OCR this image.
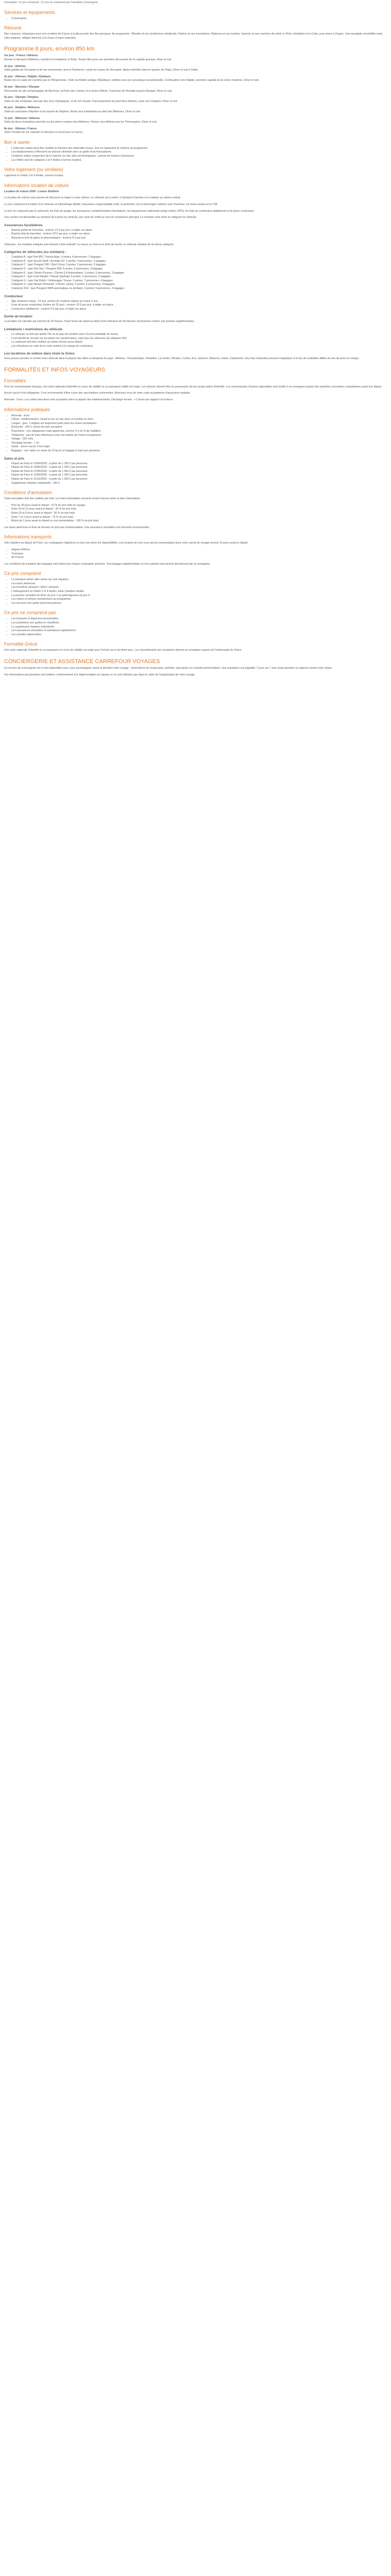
Description: Ce prix comprend : Ce prix ne comprend pas Formalités Conciergerie
Services et équipements
• Conciergerie
Résumé

Dès Limassol, embarquez pour une croisière de 8 jours à la découverte des îles grecques. Au programme : Rhodes et son architecture médiévale, Patmos et ses monastères, Mykonos et ses moulins, Santorin et ses couchers de soleil, le Pirée, Héraklion et la Crète, puis retour à Chypre. Une escapade ensoleillée entre cités antiques, villages blanchis à la chaux et eaux turquoise.

Programme 8 jours, environ 850 km

1er jour : France / Athènes
Arrivée à l'aéroport d'Athènes, transfert et installation à l'hôtel. Temps libre pour une première découverte de la capitale grecque, dîner et nuit.

2e jour : Athènes
Visite guidée de l'Acropole et de ses monuments, dont le Parthénon, suivie du musée de l'Acropole. Après-midi libre dans le quartier de Plaka. Dîner et nuit à l'hôtel.

3e jour : Athènes / Nafplio / Épidaure
Route vers le canal de Corinthe puis le Péloponnèse. Visite du théâtre antique d'Épidaure, célèbre pour son acoustique exceptionnelle. Continuation vers Nafplio, première capitale de la Grèce moderne. Dîner et nuit.

4e jour : Mycènes / Olympie
Découverte du site archéologique de Mycènes, la Porte des Lionnes et le trésor d'Atrée. Traversée de l'Arcadie jusqu'à Olympie. Dîner et nuit.

5e jour : Olympie / Delphes
Visite du site d'Olympie, berceau des Jeux Olympiques, et de son musée. Franchissement du pont Rion-Antirion, route vers Delphes. Dîner et nuit.

6e jour : Delphes / Météores
Visite du sanctuaire d'Apollon et du musée de Delphes. Route vers Kalambaka au pied des Météores. Dîner et nuit.

7e jour : Météores / Athènes
Visite de deux monastères perchés sur les pitons rocheux des Météores. Retour vers Athènes par les Thermopyles. Dîner et nuit.

8e jour : Athènes / France
Selon l'horaire de vol, transfert à l'aéroport et envol pour la France.

Bon à savoir
• L'ordre des visites peut être modifié en fonction des impératifs locaux, tout en respectant le contenu du programme.
• Les déplacements s'effectuent en autocar climatisé avec un guide local francophone.
• Certaines visites comportent de la marche sur des sites archéologiques : prévoir de bonnes chaussures.
• Les hôtels sont de catégorie 3 et 4 étoiles (normes locales).
Votre logement (ou similaire)

Logement en hôtels 3 et 4 étoiles, normes locales.

Informations location de voiture

Location de voiture 2026 - Loueur Sixt/Avis

La location de voiture vous permet de découvrir la région à votre rythme. Le véhicule est à retirer à l'aéroport d'arrivée et à restituer au même endroit.

Le prix comprend la location d'un véhicule en kilométrage illimité, l'assurance responsabilité civile, la protection vol et dommages collision avec franchise, les taxes locales et la TVA.

Le prix ne comprend pas le carburant, les frais de péage, les assurances complémentaires facultatives, les équipements optionnels (siège enfant, GPS), les frais de conducteur additionnel et de jeune conducteur.

Une caution est demandée au moment de la prise du véhicule, par carte de crédit au nom du conducteur principal. Le montant varie selon la catégorie du véhicule.

Assurances facultatives
• Rachat partiel de franchise : environ 12 € par jour, à régler sur place.
• Rachat total de franchise : environ 20 € par jour, à régler sur place.
• Assurance bris de glace et pneumatiques : environ 8 € par jour.

Véhicules : les modèles indiqués sont donnés à titre indicatif. Le loueur se réserve le droit de fournir un véhicule similaire de la même catégorie.

Catégories de véhicules (ou similaire) :
• Catégorie A : type Fiat 500 / Toyota Aygo, 4 portes, 4 personnes, 2 bagages
• Catégorie B : type Suzuki Swift / Hyundai i10, 5 portes, 4 personnes, 2 bagages
• Catégorie C : type Peugeot 208 / Opel Corsa, 5 portes, 5 personnes, 2 bagages
• Catégorie D : type Fiat Tipo / Peugeot 308, 5 portes, 5 personnes, 3 bagages
• Catégorie E : type Citroën Picasso / Citroën C4 Automatique, 5 portes, 5 personnes, 3 bagages
• Catégorie F : type Ford Ranger / Nissan Qashqai, 5 portes, 5 personnes, 3 bagages
• Catégorie G : type Fiat Doblo / Volkswagen Touran, 5 portes, 7 personnes, 4 bagages
• Catégorie H : type Nissan Primastar / Citroën Jumpy, 5 portes, 9 personnes, 4 bagages
• Catégorie 4X4 : type Peugeot 3008 automatique ou similaire, 5 portes, 5 personnes, 3 bagages
Conducteur
• Âge minimum requis : 23 ans, permis de conduire depuis au moins 2 ans.
• Frais de jeune conducteur (moins de 25 ans) : environ 10 € par jour, à régler sur place.
• Conducteur additionnel : environ 8 € par jour, à régler sur place.
Durée de location

La location est calculée par tranche de 24 heures. Toute heure de retard au-delà d'une tolérance de 59 minutes est facturée comme une journée supplémentaire.

Limitations / restrictions du véhicule
• Le véhicule ne doit pas quitter l'île ou le pays de location sans l'accord préalable du loueur.
• Il est interdit de circuler sur les pistes non goudronnées, sauf pour les véhicules de catégorie 4X4.
• Le carburant doit être restitué au même niveau qu'au départ.
• Les infractions au code de la route restent à la charge du conducteur.
Les locations de voiture dans toute la Grèce

Vous pouvez prendre et rendre votre véhicule dans la plupart des villes et aéroports du pays : Athènes, Thessalonique, Héraklion, La Canée, Rhodes, Corfou, Kos, Santorin, Mykonos, Zante, Céphalonie. Des frais d'abandon peuvent s'appliquer si le lieu de restitution diffère du lieu de prise en charge.

FORMALITÉS ET INFOS VOYAGEURS
Formalités

Pour les ressortissants français, une carte nationale d'identité en cours de validité ou un passeport valide est exigé. Les mineurs doivent être en possession de leur propre pièce d'identité. Les ressortissants d'autres nationalités sont invités à se renseigner auprès des autorités consulaires compétentes avant leur départ.

Aucun vaccin n'est obligatoire. Il est recommandé d'être à jour des vaccinations universelles. Munissez-vous de votre carte européenne d'assurance maladie.

Monnaie : l'euro. Les cartes bancaires sont acceptées dans la plupart des établissements. Décalage horaire : +1 heure par rapport à la France.

Informations pratiques
• Monnaie : Euro
• Climat : méditerranéen, chaud et sec en été, doux et humide en hiver.
• Langue : grec. L'anglais est largement parlé dans les zones touristiques.
• Électricité : 230 V, prises de type européen.
• Pourboires : non obligatoires mais appréciés, environ 5 à 10 % de l'addition.
• Téléphone : pas de frais d'itinérance pour les forfaits de l'Union européenne.
• Voltage : 220 volts
• Décalage horaire : + 1h
• Santé : aucun vaccin n'est exigé.
• Bagages : une valise en soute de 23 kg et un bagage à main par personne.
Dates et prix
• Départ de Paris le 12/04/2026 : à partir de 1 290 € par personne.
• Départ de Paris le 10/05/2026 : à partir de 1 390 € par personne.
• Départ de Paris le 07/06/2026 : à partir de 1 450 € par personne.
• Départ de Paris le 13/09/2026 : à partir de 1 420 € par personne.
• Départ de Paris le 11/10/2026 : à partir de 1 350 € par personne.
• Supplément chambre individuelle : 290 €.
Conditions d'annulation

Toute annulation doit être notifiée par écrit. Les frais d'annulation suivants seront retenus selon la date d'annulation :

• Plus de 30 jours avant le départ : 10 % du prix total du voyage.
• Entre 30 et 21 jours avant le départ : 25 % du prix total.
• Entre 20 et 8 jours avant le départ : 50 % du prix total.
• Entre 7 et 2 jours avant le départ : 75 % du prix total.
• Moins de 2 jours avant le départ ou non-présentation : 100 % du prix total.

Les taxes aériennes et frais de dossier ne sont pas remboursables. Une assurance annulation est vivement recommandée.

Informations transports

Vols réguliers au départ de Paris, sur compagnies régulières ou low-cost selon les disponibilités. Les horaires de vols vous seront communiqués dans votre carnet de voyage environ 10 jours avant le départ.

• Aegean Airlines
• Transavia
• Air France

Les conditions de transport des bagages sont fixées par chaque compagnie aérienne. Tout bagage supplémentaire ou hors gabarit sera facturé directement par la compagnie.

Ce prix comprend
• Le transport aérien aller-retour sur vols réguliers.
• Les taxes aériennes.
• Les transferts aéroport / hôtel / aéroport.
• L'hébergement en hôtels 3 et 4 étoiles, base chambre double.
• La pension complète du dîner du jour 1 au petit-déjeuner du jour 8.
• Les visites et entrées mentionnées au programme.
• Les services d'un guide local francophone.
Ce prix ne comprend pas
• Les boissons et dépenses personnelles.
• Les pourboires aux guides et chauffeurs.
• Le supplément chambre individuelle.
• Les assurances annulation et assistance-rapatriement.
• Les activités optionnelles.
Formalité Grèce

Une carte nationale d'identité ou un passeport en cours de validité est exigé pour l'entrée sur le territoire grec. Les ressortissants non européens doivent se renseigner auprès de l'ambassade de Grèce.

CONCIERGERIE ET ASSISTANCE CARREFOUR VOYAGES

Un service de conciergerie est à votre disposition pour vous accompagner avant et pendant votre voyage : réservations de restaurants, activités, spectacles ou conseils personnalisés. Une assistance est joignable 7 jours sur 7 pour toute question ou urgence durant votre séjour.

Vos informations personnelles sont traitées conformément à la réglementation en vigueur et ne sont utilisées que dans le cadre de l'organisation de votre voyage.
